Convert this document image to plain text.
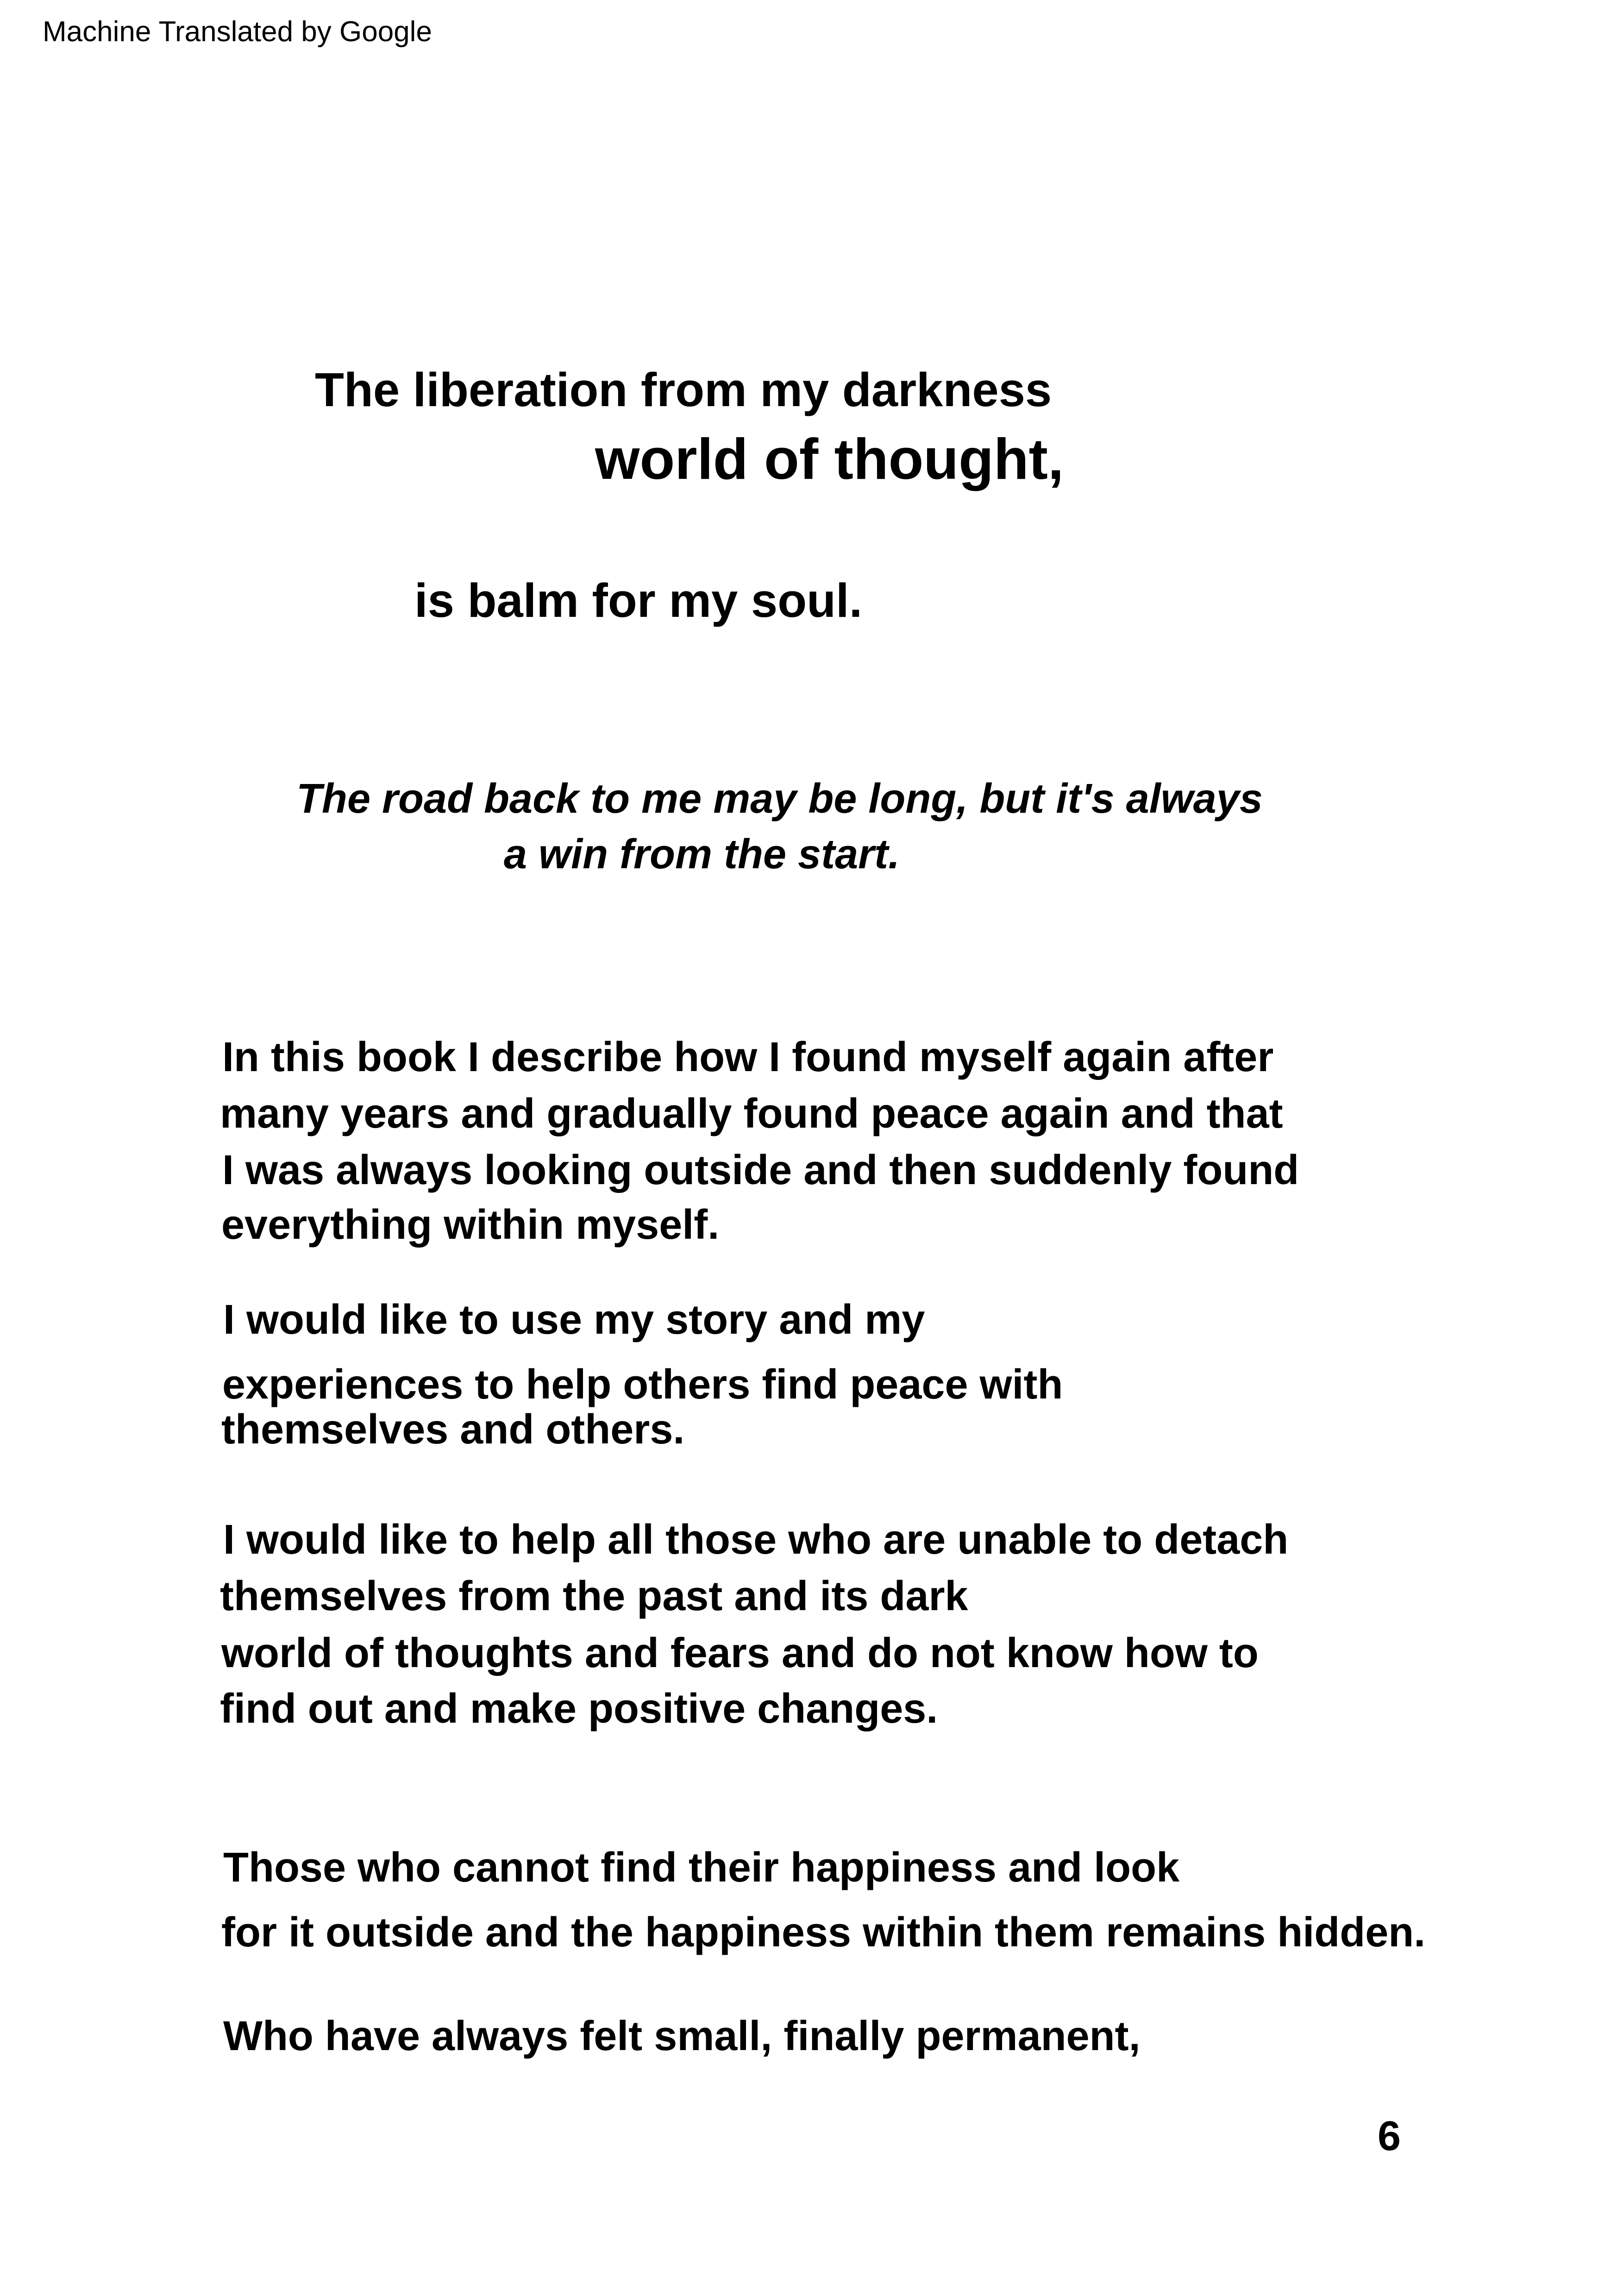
Machine Translated by Google
The liberation from my darkness
world of thought,
is balm for my soul.
The road back to me may be long, but it's always
a win from the start.
In this book I describe how I found myself again after
many years and gradually found peace again and that
I was always looking outside and then suddenly found
everything within myself.
I would like to use my story and my
experiences to help others find peace with
themselves and others.
I would like to help all those who are unable to detach
themselves from the past and its dark
world of thoughts and fears and do not know how to
find out and make positive changes.
Those who cannot find their happiness and look
for it outside and the happiness within them remains hidden.
Who have always felt small, finally permanent,
6
